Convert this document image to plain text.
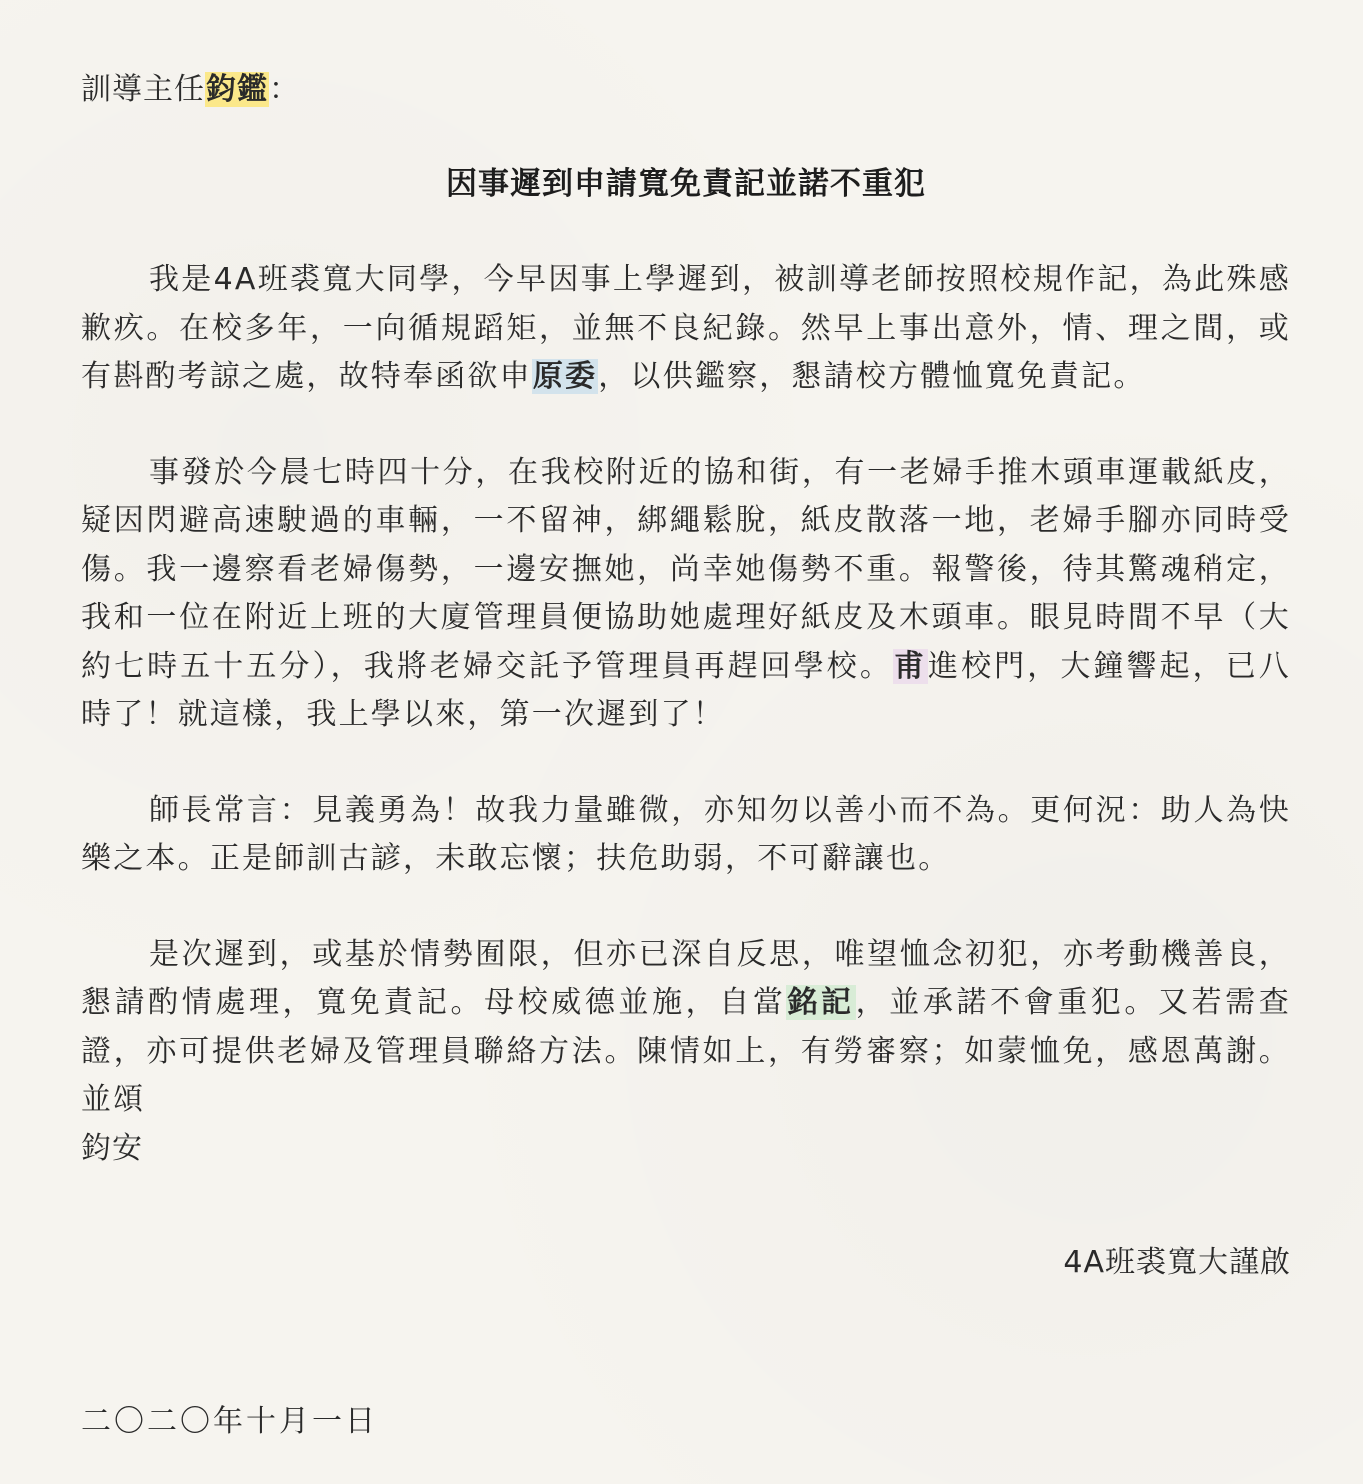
訓導主任鈞鑑：
因事遲到申請寬免責記並諾不重犯

我是4A班裘寬大同學，今早因事上學遲到，被訓導老師按照校規作記，為此殊感歉疚。在校多年，一向循規蹈矩，並無不良紀錄。然早上事出意外，情、理之間，或有斟酌考諒之處，故特奉函欲申原委，以供鑑察，懇請校方體恤寬免責記。

事發於今晨七時四十分，在我校附近的協和街，有一老婦手推木頭車運載紙皮，疑因閃避高速駛過的車輛，一不留神，綁繩鬆脫，紙皮散落一地，老婦手腳亦同時受傷。我一邊察看老婦傷勢，一邊安撫她，尚幸她傷勢不重。報警後，待其驚魂稍定，我和一位在附近上班的大廈管理員便協助她處理好紙皮及木頭車。眼見時間不早（大約七時五十五分），我將老婦交託予管理員再趕回學校。甫進校門，大鐘響起，已八時了！就這樣，我上學以來，第一次遲到了！

師長常言：見義勇為！故我力量雖微，亦知勿以善小而不為。更何況：助人為快樂之本。正是師訓古諺，未敢忘懷；扶危助弱，不可辭讓也。

是次遲到，或基於情勢囿限，但亦已深自反思，唯望恤念初犯，亦考動機善良，懇請酌情處理，寬免責記。母校威德並施，自當銘記，並承諾不會重犯。又若需查證，亦可提供老婦及管理員聯絡方法。陳情如上，有勞審察；如蒙恤免，感恩萬謝。並頌

鈞安
4A班裘寬大謹啟
二〇二〇年十月一日
